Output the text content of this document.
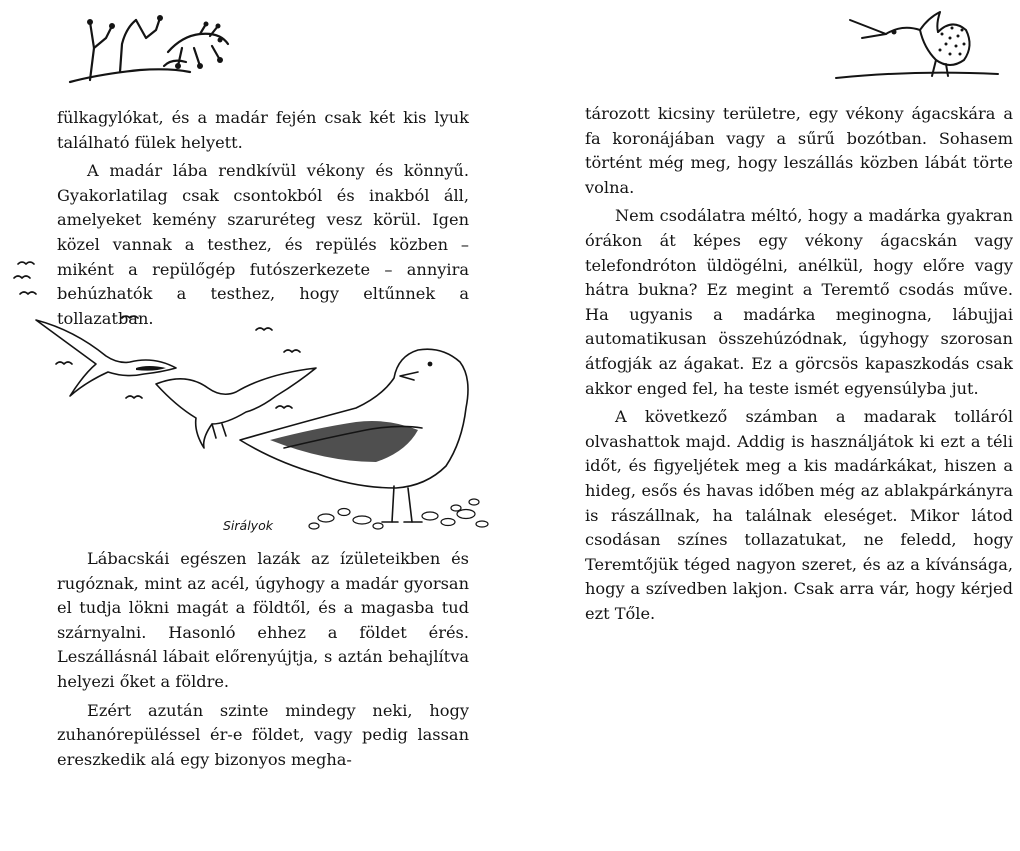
fülkagylókat, és a madár fején csak két kis lyuk található fülek helyett.

A madár lába rendkívül vékony és könnyű. Gyakorlatilag csak csontokból és inakból áll, amelyeket kemény szaruréteg vesz körül. Igen közel vannak a testhez, és repülés közben – miként a repülőgép futószerkezete – annyira behúzhatók a testhez, hogy eltűnnek a tollazatban.

Sirályok

Lábacskái egészen lazák az ízületeikben és rugóznak, mint az acél, úgyhogy a madár gyorsan el tudja lökni magát a földtől, és a magasba tud szárnyalni. Hasonló ehhez a földet érés. Leszállásnál lábait előrenyújtja, s aztán behajlítva helyezi őket a földre.

Ezért azután szinte mindegy neki, hogy zuhanórepüléssel ér-e földet, vagy pedig lassan ereszkedik alá egy bizonyos megha-

tározott kicsiny területre, egy vékony ágacskára a fa koronájában vagy a sűrű bozótban. Sohasem történt még meg, hogy leszállás közben lábát törte volna.

Nem csodálatra méltó, hogy a madárka gyakran órákon át képes egy vékony ágacskán vagy telefondróton üldögélni, anélkül, hogy előre vagy hátra bukna? Ez megint a Teremtő csodás műve. Ha ugyanis a madárka meginogna, lábujjai automatikusan összehúzódnak, úgyhogy szorosan átfogják az ágakat. Ez a görcsös kapaszkodás csak akkor enged fel, ha teste ismét egyensúlyba jut.

A következő számban a madarak tolláról olvashattok majd. Addig is használjátok ki ezt a téli időt, és figyeljétek meg a kis madárkákat, hiszen a hideg, esős és havas időben még az ablakpárkányra is rászállnak, ha találnak eleséget. Mikor látod csodásan színes tollazatukat, ne feledd, hogy Teremtőjük téged nagyon szeret, és az a kívánsága, hogy a szívedben lakjon. Csak arra vár, hogy kérjed ezt Tőle.
